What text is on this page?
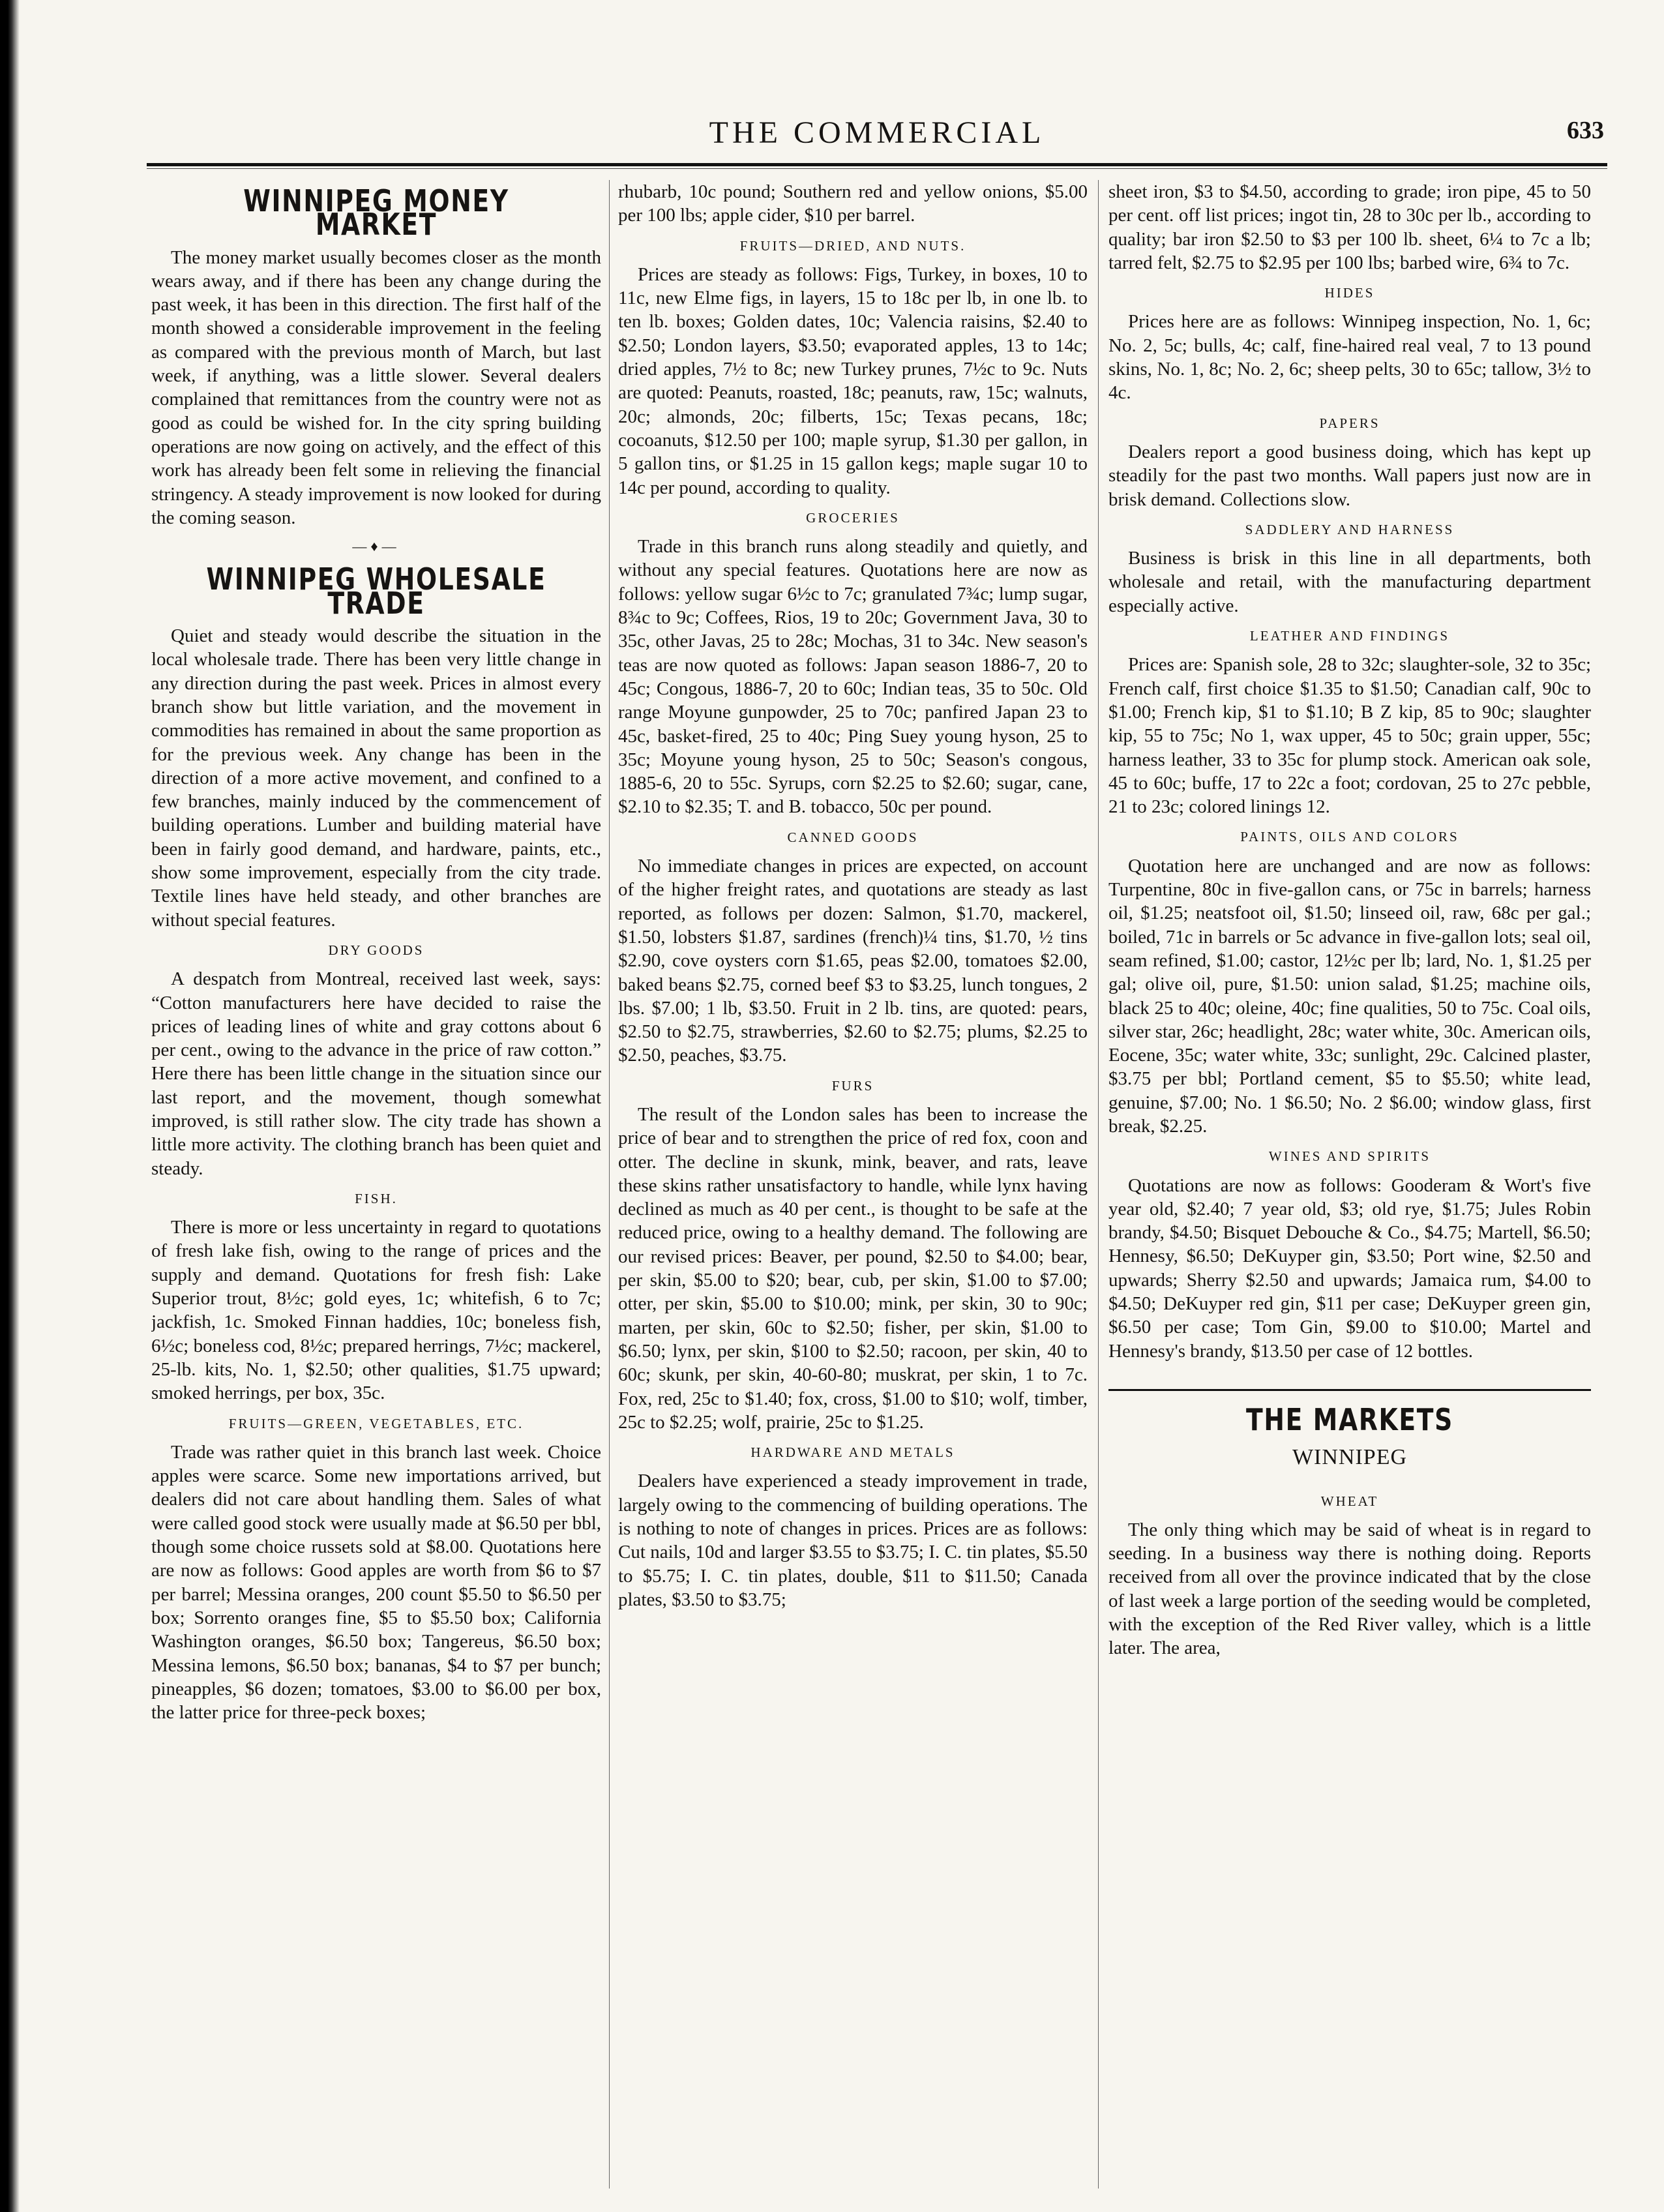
THE COMMERCIAL	633
WINNIPEG MONEY MARKET

The money market usually becomes closer as the month wears away, and if there has been any change during the past week, it has been in this direction. The first half of the month showed a considerable improvement in the feeling as compared with the previous month of March, but last week, if anything, was a little slower. Several dealers complained that remittances from the country were not as good as could be wished for. In the city spring building operations are now going on actively, and the effect of this work has already been felt some in relieving the financial stringency. A steady improvement is now looked for during the coming season.

—♦—
WINNIPEG WHOLESALE TRADE

Quiet and steady would describe the situation in the local wholesale trade. There has been very little change in any direction during the past week. Prices in almost every branch show but little variation, and the movement in commodities has remained in about the same proportion as for the previous week. Any change has been in the direction of a more active movement, and confined to a few branches, mainly induced by the commencement of building operations. Lumber and building material have been in fairly good demand, and hardware, paints, etc., show some improvement, especially from the city trade. Textile lines have held steady, and other branches are without special features.

DRY GOODS

A despatch from Montreal, received last week, says: “Cotton manufacturers here have decided to raise the prices of leading lines of white and gray cottons about 6 per cent., owing to the advance in the price of raw cotton.” Here there has been little change in the situation since our last report, and the movement, though somewhat improved, is still rather slow. The city trade has shown a little more activity. The clothing branch has been quiet and steady.

FISH.

There is more or less uncertainty in regard to quotations of fresh lake fish, owing to the range of prices and the supply and demand. Quotations for fresh fish: Lake Superior trout, 8½c; gold eyes, 1c; whitefish, 6 to 7c; jackfish, 1c. Smoked Finnan haddies, 10c; boneless fish, 6½c; boneless cod, 8½c; prepared herrings, 7½c; mackerel, 25-lb. kits, No. 1, $2.50; other qualities, $1.75 upward; smoked herrings, per box, 35c.

FRUITS—GREEN, VEGETABLES, ETC.

Trade was rather quiet in this branch last week. Choice apples were scarce. Some new importations arrived, but dealers did not care about handling them. Sales of what were called good stock were usually made at $6.50 per bbl, though some choice russets sold at $8.00. Quotations here are now as follows: Good apples are worth from $6 to $7 per barrel; Messina oranges, 200 count $5.50 to $6.50 per box; Sorrento oranges fine, $5 to $5.50 box; California Washington oranges, $6.50 box; Tangereus, $6.50 box; Messina lemons, $6.50 box; bananas, $4 to $7 per bunch; pineapples, $6 dozen; tomatoes, $3.00 to $6.00 per box, the latter price for three-peck boxes;

rhubarb, 10c pound; Southern red and yellow onions, $5.00 per 100 lbs; apple cider, $10 per barrel.

FRUITS—DRIED, AND NUTS.

Prices are steady as follows: Figs, Turkey, in boxes, 10 to 11c, new Elme figs, in layers, 15 to 18c per lb, in one lb. to ten lb. boxes; Golden dates, 10c; Valencia raisins, $2.40 to $2.50; London layers, $3.50; evaporated apples, 13 to 14c; dried apples, 7½ to 8c; new Turkey prunes, 7½c to 9c. Nuts are quoted: Peanuts, roasted, 18c; peanuts, raw, 15c; walnuts, 20c; almonds, 20c; filberts, 15c; Texas pecans, 18c; cocoanuts, $12.50 per 100; maple syrup, $1.30 per gallon, in 5 gallon tins, or $1.25 in 15 gallon kegs; maple sugar 10 to 14c per pound, according to quality.

GROCERIES

Trade in this branch runs along steadily and quietly, and without any special features. Quotations here are now as follows: yellow sugar 6½c to 7c; granulated 7¾c; lump sugar, 8¾c to 9c; Coffees, Rios, 19 to 20c; Government Java, 30 to 35c, other Javas, 25 to 28c; Mochas, 31 to 34c. New season's teas are now quoted as follows: Japan season 1886-7, 20 to 45c; Congous, 1886-7, 20 to 60c; Indian teas, 35 to 50c. Old range Moyune gunpowder, 25 to 70c; panfired Japan 23 to 45c, basket-fired, 25 to 40c; Ping Suey young hyson, 25 to 35c; Moyune young hyson, 25 to 50c; Season's congous, 1885-6, 20 to 55c. Syrups, corn $2.25 to $2.60; sugar, cane, $2.10 to $2.35; T. and B. tobacco, 50c per pound.

CANNED GOODS

No immediate changes in prices are expected, on account of the higher freight rates, and quotations are steady as last reported, as follows per dozen: Salmon, $1.70, mackerel, $1.50, lobsters $1.87, sardines (french)¼ tins, $1.70, ½ tins $2.90, cove oysters corn $1.65, peas $2.00, tomatoes $2.00, baked beans $2.75, corned beef $3 to $3.25, lunch tongues, 2 lbs. $7.00; 1 lb, $3.50. Fruit in 2 lb. tins, are quoted: pears, $2.50 to $2.75, strawberries, $2.60 to $2.75; plums, $2.25 to $2.50, peaches, $3.75.

FURS

The result of the London sales has been to increase the price of bear and to strengthen the price of red fox, coon and otter. The decline in skunk, mink, beaver, and rats, leave these skins rather unsatisfactory to handle, while lynx having declined as much as 40 per cent., is thought to be safe at the reduced price, owing to a healthy demand. The following are our revised prices: Beaver, per pound, $2.50 to $4.00; bear, per skin, $5.00 to $20; bear, cub, per skin, $1.00 to $7.00; otter, per skin, $5.00 to $10.00; mink, per skin, 30 to 90c; marten, per skin, 60c to $2.50; fisher, per skin, $1.00 to $6.50; lynx, per skin, $100 to $2.50; racoon, per skin, 40 to 60c; skunk, per skin, 40-60-80; muskrat, per skin, 1 to 7c. Fox, red, 25c to $1.40; fox, cross, $1.00 to $10; wolf, timber, 25c to $2.25; wolf, prairie, 25c to $1.25.

HARDWARE AND METALS

Dealers have experienced a steady improvement in trade, largely owing to the commencing of building operations. The is nothing to note of changes in prices. Prices are as follows: Cut nails, 10d and larger $3.55 to $3.75; I. C. tin plates, $5.50 to $5.75; I. C. tin plates, double, $11 to $11.50; Canada plates, $3.50 to $3.75;

sheet iron, $3 to $4.50, according to grade; iron pipe, 45 to 50 per cent. off list prices; ingot tin, 28 to 30c per lb., according to quality; bar iron $2.50 to $3 per 100 lb. sheet, 6¼ to 7c a lb; tarred felt, $2.75 to $2.95 per 100 lbs; barbed wire, 6¾ to 7c.

HIDES

Prices here are as follows: Winnipeg inspection, No. 1, 6c; No. 2, 5c; bulls, 4c; calf, fine-haired real veal, 7 to 13 pound skins, No. 1, 8c; No. 2, 6c; sheep pelts, 30 to 65c; tallow, 3½ to 4c.

PAPERS

Dealers report a good business doing, which has kept up steadily for the past two months. Wall papers just now are in brisk demand. Collections slow.

SADDLERY AND HARNESS

Business is brisk in this line in all departments, both wholesale and retail, with the manufacturing department especially active.

LEATHER AND FINDINGS

Prices are: Spanish sole, 28 to 32c; slaughter-sole, 32 to 35c; French calf, first choice $1.35 to $1.50; Canadian calf, 90c to $1.00; French kip, $1 to $1.10; B Z kip, 85 to 90c; slaughter kip, 55 to 75c; No 1, wax upper, 45 to 50c; grain upper, 55c; harness leather, 33 to 35c for plump stock. American oak sole, 45 to 60c; buffe, 17 to 22c a foot; cordovan, 25 to 27c pebble, 21 to 23c; colored linings 12.

PAINTS, OILS AND COLORS

Quotation here are unchanged and are now as follows: Turpentine, 80c in five-gallon cans, or 75c in barrels; harness oil, $1.25; neatsfoot oil, $1.50; linseed oil, raw, 68c per gal.; boiled, 71c in barrels or 5c advance in five-gallon lots; seal oil, seam refined, $1.00; castor, 12½c per lb; lard, No. 1, $1.25 per gal; olive oil, pure, $1.50: union salad, $1.25; machine oils, black 25 to 40c; oleine, 40c; fine qualities, 50 to 75c. Coal oils, silver star, 26c; headlight, 28c; water white, 30c. American oils, Eocene, 35c; water white, 33c; sunlight, 29c. Calcined plaster, $3.75 per bbl; Portland cement, $5 to $5.50; white lead, genuine, $7.00; No. 1 $6.50; No. 2 $6.00; window glass, first break, $2.25.

WINES AND SPIRITS

Quotations are now as follows: Gooderam & Wort's five year old, $2.40; 7 year old, $3; old rye, $1.75; Jules Robin brandy, $4.50; Bisquet Debouche & Co., $4.75; Martell, $6.50; Hennesy, $6.50; DeKuyper gin, $3.50; Port wine, $2.50 and upwards; Sherry $2.50 and upwards; Jamaica rum, $4.00 to $4.50; DeKuyper red gin, $11 per case; DeKuyper green gin, $6.50 per case; Tom Gin, $9.00 to $10.00; Martel and Hennesy's brandy, $13.50 per case of 12 bottles.

THE MARKETS
WINNIPEG
WHEAT

The only thing which may be said of wheat is in regard to seeding. In a business way there is nothing doing. Reports received from all over the province indicated that by the close of last week a large portion of the seeding would be completed, with the exception of the Red River valley, which is a little later. The area,
